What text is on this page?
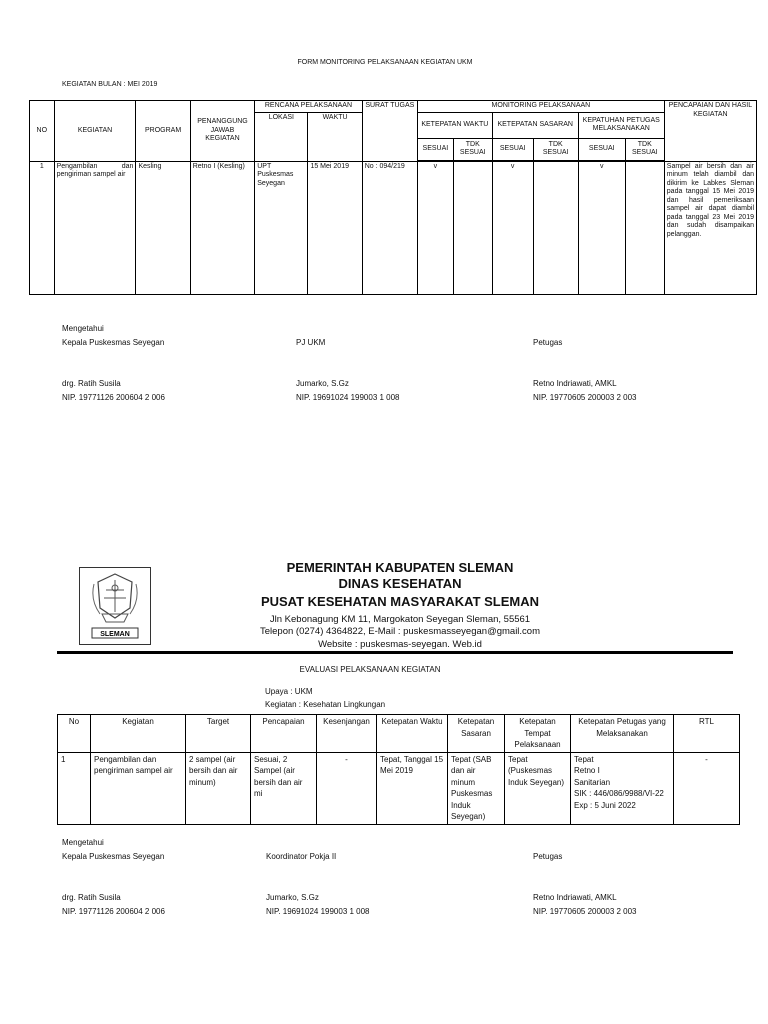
FORM MONITORING PELAKSANAAN KEGIATAN UKM
KEGIATAN BULAN : MEI 2019
NO	KEGIATAN	PROGRAM	PENANGGUNG JAWAB KEGIATAN	RENCANA PELAKSANAAN		SURAT TUGAS	MONITORING PELAKSANAAN						PENCAPAIAN DAN HASIL KEGIATAN
				LOKASI	WAKTU		KETEPATAN WAKTU		KETEPATAN SASARAN		KEPATUHAN PETUGAS MELAKSANAKAN		
							SESUAI	TDK SESUAI	SESUAI	TDK SESUAI	SESUAI	TDK SESUAI	

1	Pengambilan dan pengiriman sampel air	Kesling	Retno I (Kesling)	UPT Puskesmas Seyegan	15 Mei 2019	No : 094/219	v		v		v		Sampel air bersih dan air minum telah diambil dan dikirim ke Labkes Sleman pada tanggal 15 Mei 2019 dan hasil pemeriksaan sampel air dapat diambil pada tanggal 23 Mei 2019 dan sudah disampaikan pelanggan.
Mengetahui
Kepala Puskesmas Seyegan	PJ UKM	Petugas
drg. Ratih Susila	Jumarko, S.Gz	Retno Indriawati, AMKL
NIP. 19771126 200604 2 006	NIP. 19691024 199003 1 008	NIP. 19770605 200003 2 003
SLEMAN
PEMERINTAH KABUPATEN SLEMAN
DINAS KESEHATAN
PUSAT KESEHATAN MASYARAKAT SLEMAN
Jln Kebonagung KM 11, Margokaton Seyegan Sleman, 55561
Telepon (0274) 4364822, E-Mail : puskesmasseyegan@gmail.com
Website : puskesmas-seyegan. Web.id
EVALUASI PELAKSANAAN KEGIATAN
Upaya : UKM
Kegiatan : Kesehatan Lingkungan
No	Kegiatan	Target	Pencapaian	Kesenjangan	Ketepatan Waktu	Ketepatan Sasaran	Ketepatan Tempat Pelaksanaan	Ketepatan Petugas yang Melaksanakan	RTL
1	Pengambilan dan pengiriman sampel air	2 sampel (air bersih dan air minum)	Sesuai, 2 Sampel (air bersih dan air mi	-	Tepat, Tanggal 15 Mei 2019	Tepat (SAB dan air minum Puskesmas Induk Seyegan)	Tepat (Puskesmas Induk Seyegan)	Tepat
Retno I
Sanitarian
SIK : 446/086/9988/VI-22
Exp : 5 Juni 2022	-
Mengetahui
Kepala Puskesmas Seyegan	Koordinator Pokja II	Petugas
drg. Ratih Susila	Jumarko, S.Gz	Retno Indriawati, AMKL
NIP. 19771126 200604 2 006	NIP. 19691024 199003 1 008	NIP. 19770605 200003 2 003
